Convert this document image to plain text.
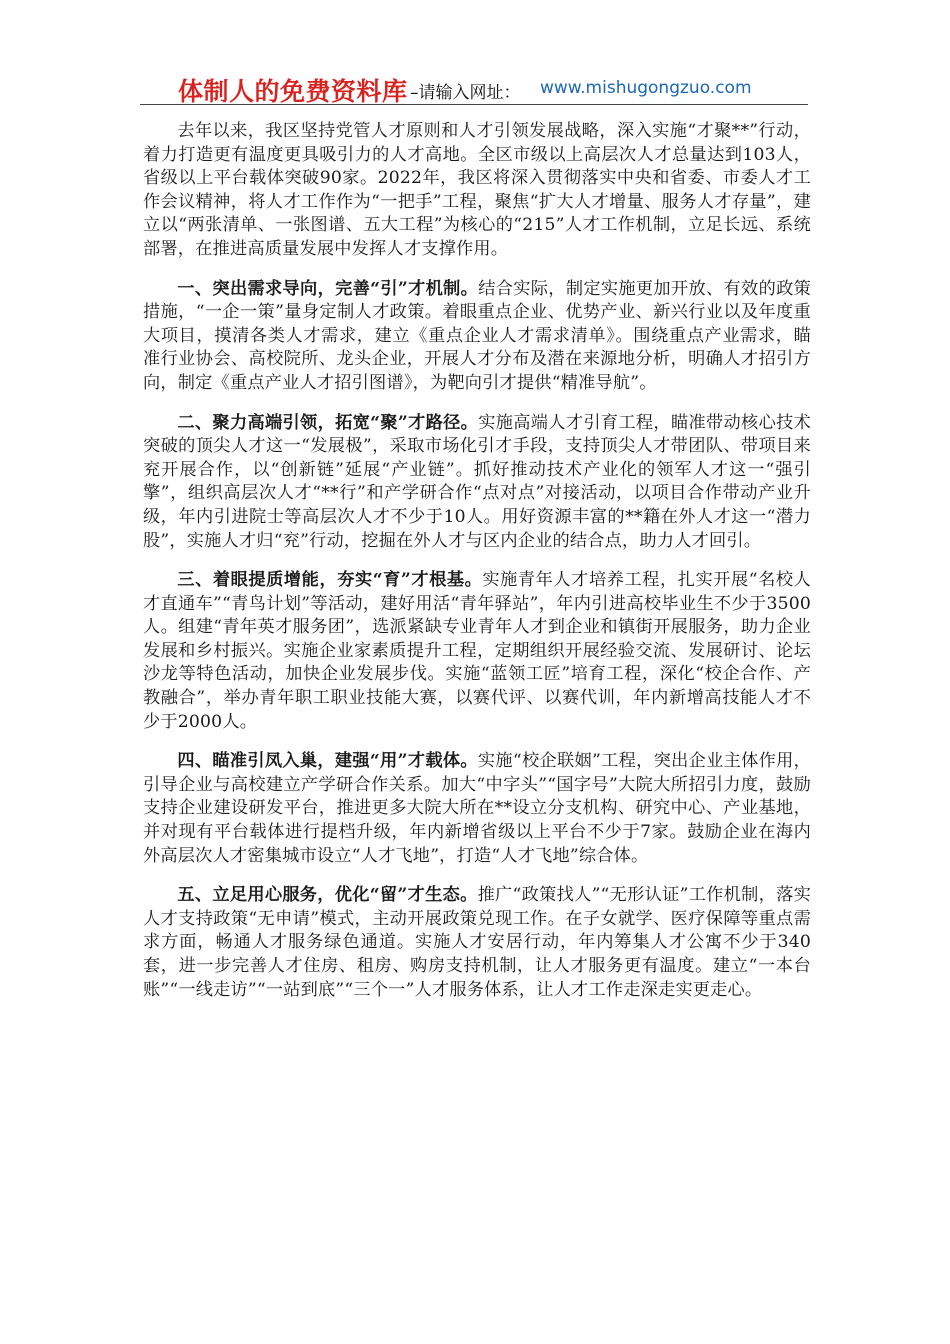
体制人的免费资料库 –请输入网址： www.mishugongzuo.com

去年以来，我区坚持党管人才原则和人才引领发展战略，深入实施“才聚**”行动，着力打造更有温度更具吸引力的人才高地。全区市级以上高层次人才总量达到103人，省级以上平台载体突破90家。2022年，我区将深入贯彻落实中央和省委、市委人才工作会议精神，将人才工作作为“一把手”工程，聚焦“扩大人才增量、服务人才存量”，建立以“两张清单、一张图谱、五大工程”为核心的“215”人才工作机制，立足长远、系统部署，在推进高质量发展中发挥人才支撑作用。

一、突出需求导向，完善“引”才机制。结合实际，制定实施更加开放、有效的政策措施，“一企一策”量身定制人才政策。着眼重点企业、优势产业、新兴行业以及年度重大项目，摸清各类人才需求，建立《重点企业人才需求清单》。围绕重点产业需求，瞄准行业协会、高校院所、龙头企业，开展人才分布及潜在来源地分析，明确人才招引方向，制定《重点产业人才招引图谱》，为靶向引才提供“精准导航”。

二、聚力高端引领，拓宽“聚”才路径。实施高端人才引育工程，瞄准带动核心技术突破的顶尖人才这一“发展极”，采取市场化引才手段，支持顶尖人才带团队、带项目来兖开展合作，以“创新链”延展“产业链”。抓好推动技术产业化的领军人才这一“强引擎”，组织高层次人才“**行”和产学研合作“点对点”对接活动，以项目合作带动产业升级，年内引进院士等高层次人才不少于10人。用好资源丰富的**籍在外人才这一“潜力股”，实施人才归“兖”行动，挖掘在外人才与区内企业的结合点，助力人才回引。

三、着眼提质增能，夯实“育”才根基。实施青年人才培养工程，扎实开展“名校人才直通车”“青鸟计划”等活动，建好用活“青年驿站”，年内引进高校毕业生不少于3500人。组建“青年英才服务团”，选派紧缺专业青年人才到企业和镇街开展服务，助力企业发展和乡村振兴。实施企业家素质提升工程，定期组织开展经验交流、发展研讨、论坛沙龙等特色活动，加快企业发展步伐。实施“蓝领工匠”培育工程，深化“校企合作、产教融合”，举办青年职工职业技能大赛，以赛代评、以赛代训，年内新增高技能人才不少于2000人。

四、瞄准引凤入巢，建强“用”才载体。实施“校企联姻”工程，突出企业主体作用，引导企业与高校建立产学研合作关系。加大“中字头”“国字号”大院大所招引力度，鼓励支持企业建设研发平台，推进更多大院大所在**设立分支机构、研究中心、产业基地，并对现有平台载体进行提档升级，年内新增省级以上平台不少于7家。鼓励企业在海内外高层次人才密集城市设立“人才飞地”，打造“人才飞地”综合体。

五、立足用心服务，优化“留”才生态。推广“政策找人”“无形认证”工作机制，落实人才支持政策“无申请”模式，主动开展政策兑现工作。在子女就学、医疗保障等重点需求方面，畅通人才服务绿色通道。实施人才安居行动，年内筹集人才公寓不少于340套，进一步完善人才住房、租房、购房支持机制，让人才服务更有温度。建立“一本台账”“一线走访”“一站到底”“三个一”人才服务体系，让人才工作走深走实更走心。
